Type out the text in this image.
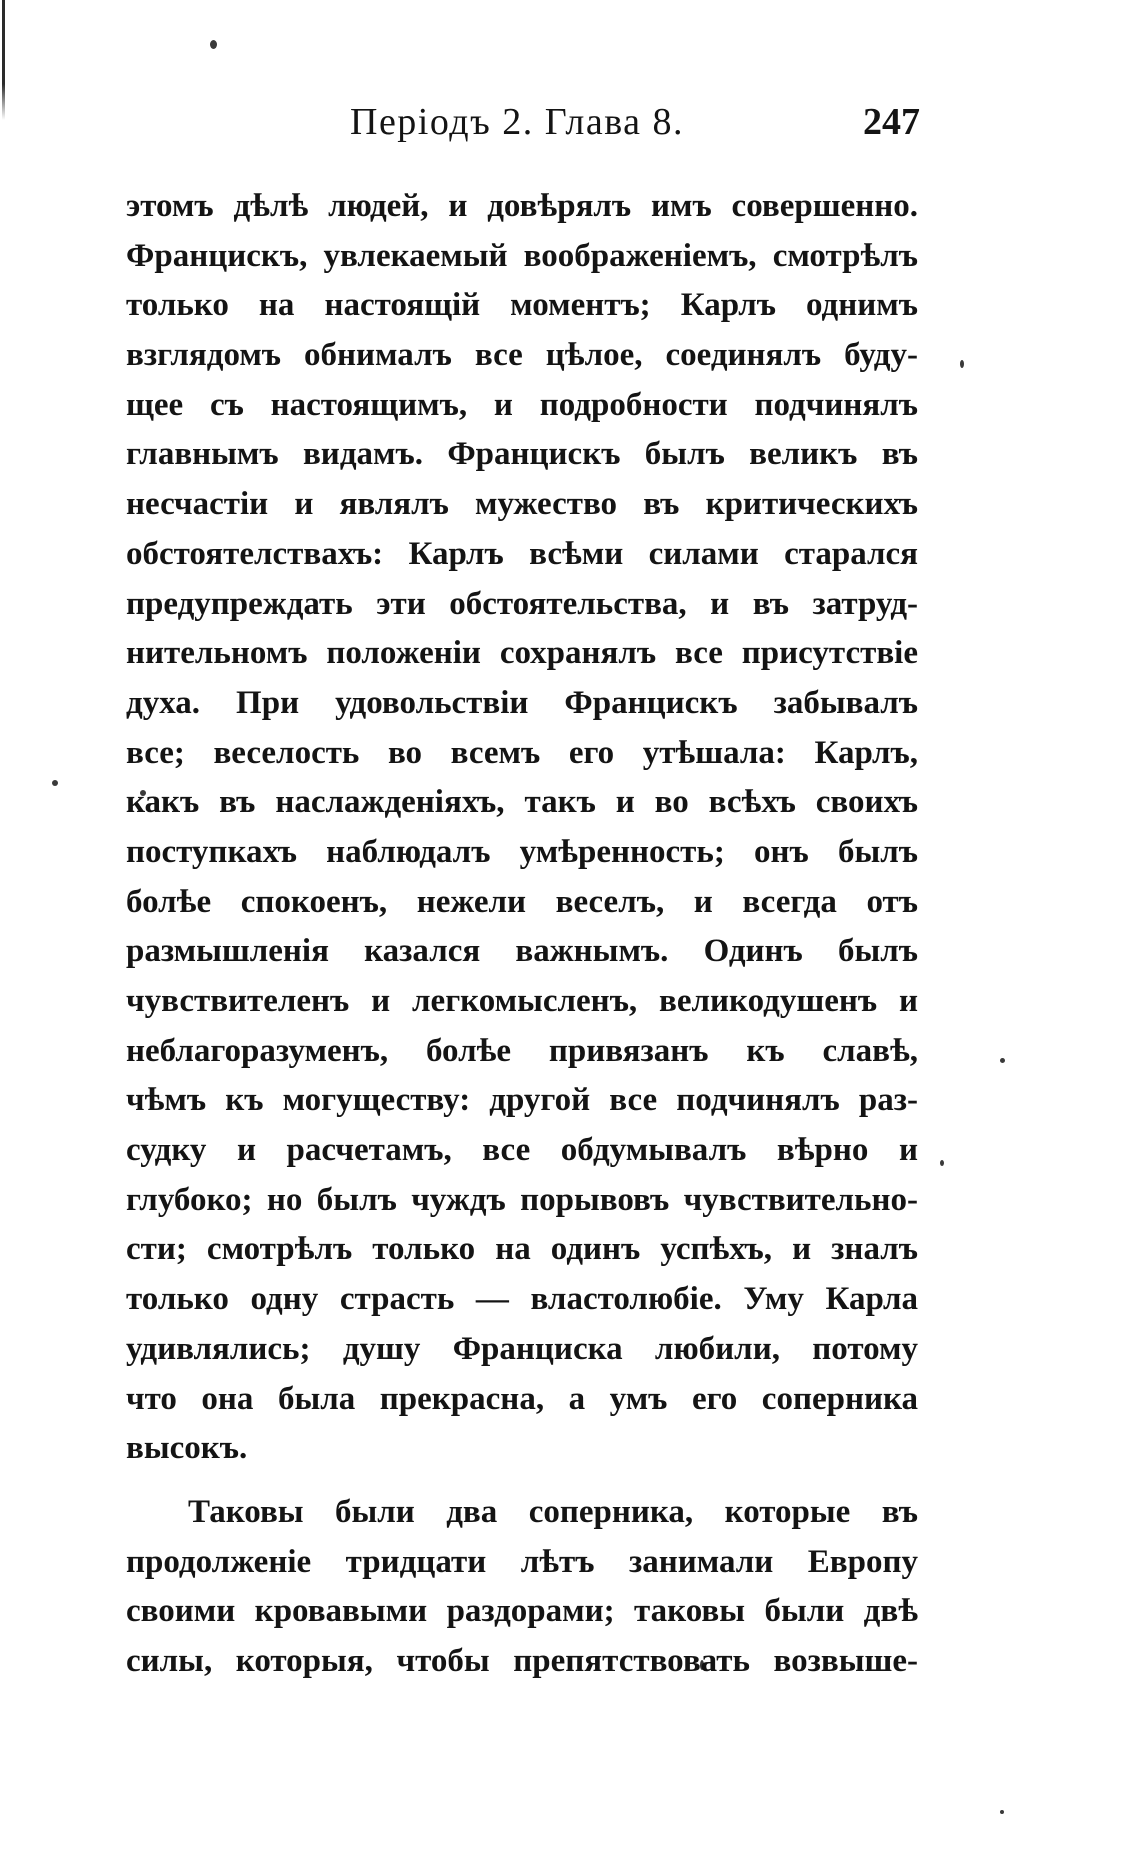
Періодъ 2. Глава 8.	247
этомъ дѣлѣ людей, и довѣрялъ имъ совершенно.
Францискъ, увлекаемый воображеніемъ, смотрѣлъ
только на настоящій моментъ; Карлъ однимъ
взглядомъ обнималъ все цѣлое, соединялъ буду-
щее съ настоящимъ, и подробности подчинялъ
главнымъ видамъ. Францискъ былъ великъ въ
несчастіи и являлъ мужество въ критическихъ
обстоятелствахъ: Карлъ всѣми силами старался
предупреждать эти обстоятельства, и въ затруд-
нительномъ положеніи сохранялъ все присутствіе
духа. При удовольствіи Францискъ забывалъ
все; веселость во всемъ его утѣшала: Карлъ,
какъ въ наслажденіяхъ, такъ и во всѣхъ своихъ
поступкахъ наблюдалъ умѣренность; онъ былъ
болѣе спокоенъ, нежели веселъ, и всегда отъ
размышленія казался важнымъ. Одинъ былъ
чувствителенъ и легкомысленъ, великодушенъ и
неблагоразуменъ, болѣе привязанъ къ славѣ,
чѣмъ къ могуществу: другой все подчинялъ раз-
судку и расчетамъ, все обдумывалъ вѣрно и
глубоко; но былъ чуждъ порывовъ чувствительно-
сти; смотрѣлъ только на одинъ успѣхъ, и зналъ
только одну страсть — властолюбіе. Уму Карла
удивлялись; душу Франциска любили, потому
что она была прекрасна, а умъ его соперника
высокъ.
Таковы были два соперника, которые въ
продолженіе тридцати лѣтъ занимали Европу
своими кровавыми раздорами; таковы были двѣ
силы, которыя, чтобы препятствовать возвыше-
